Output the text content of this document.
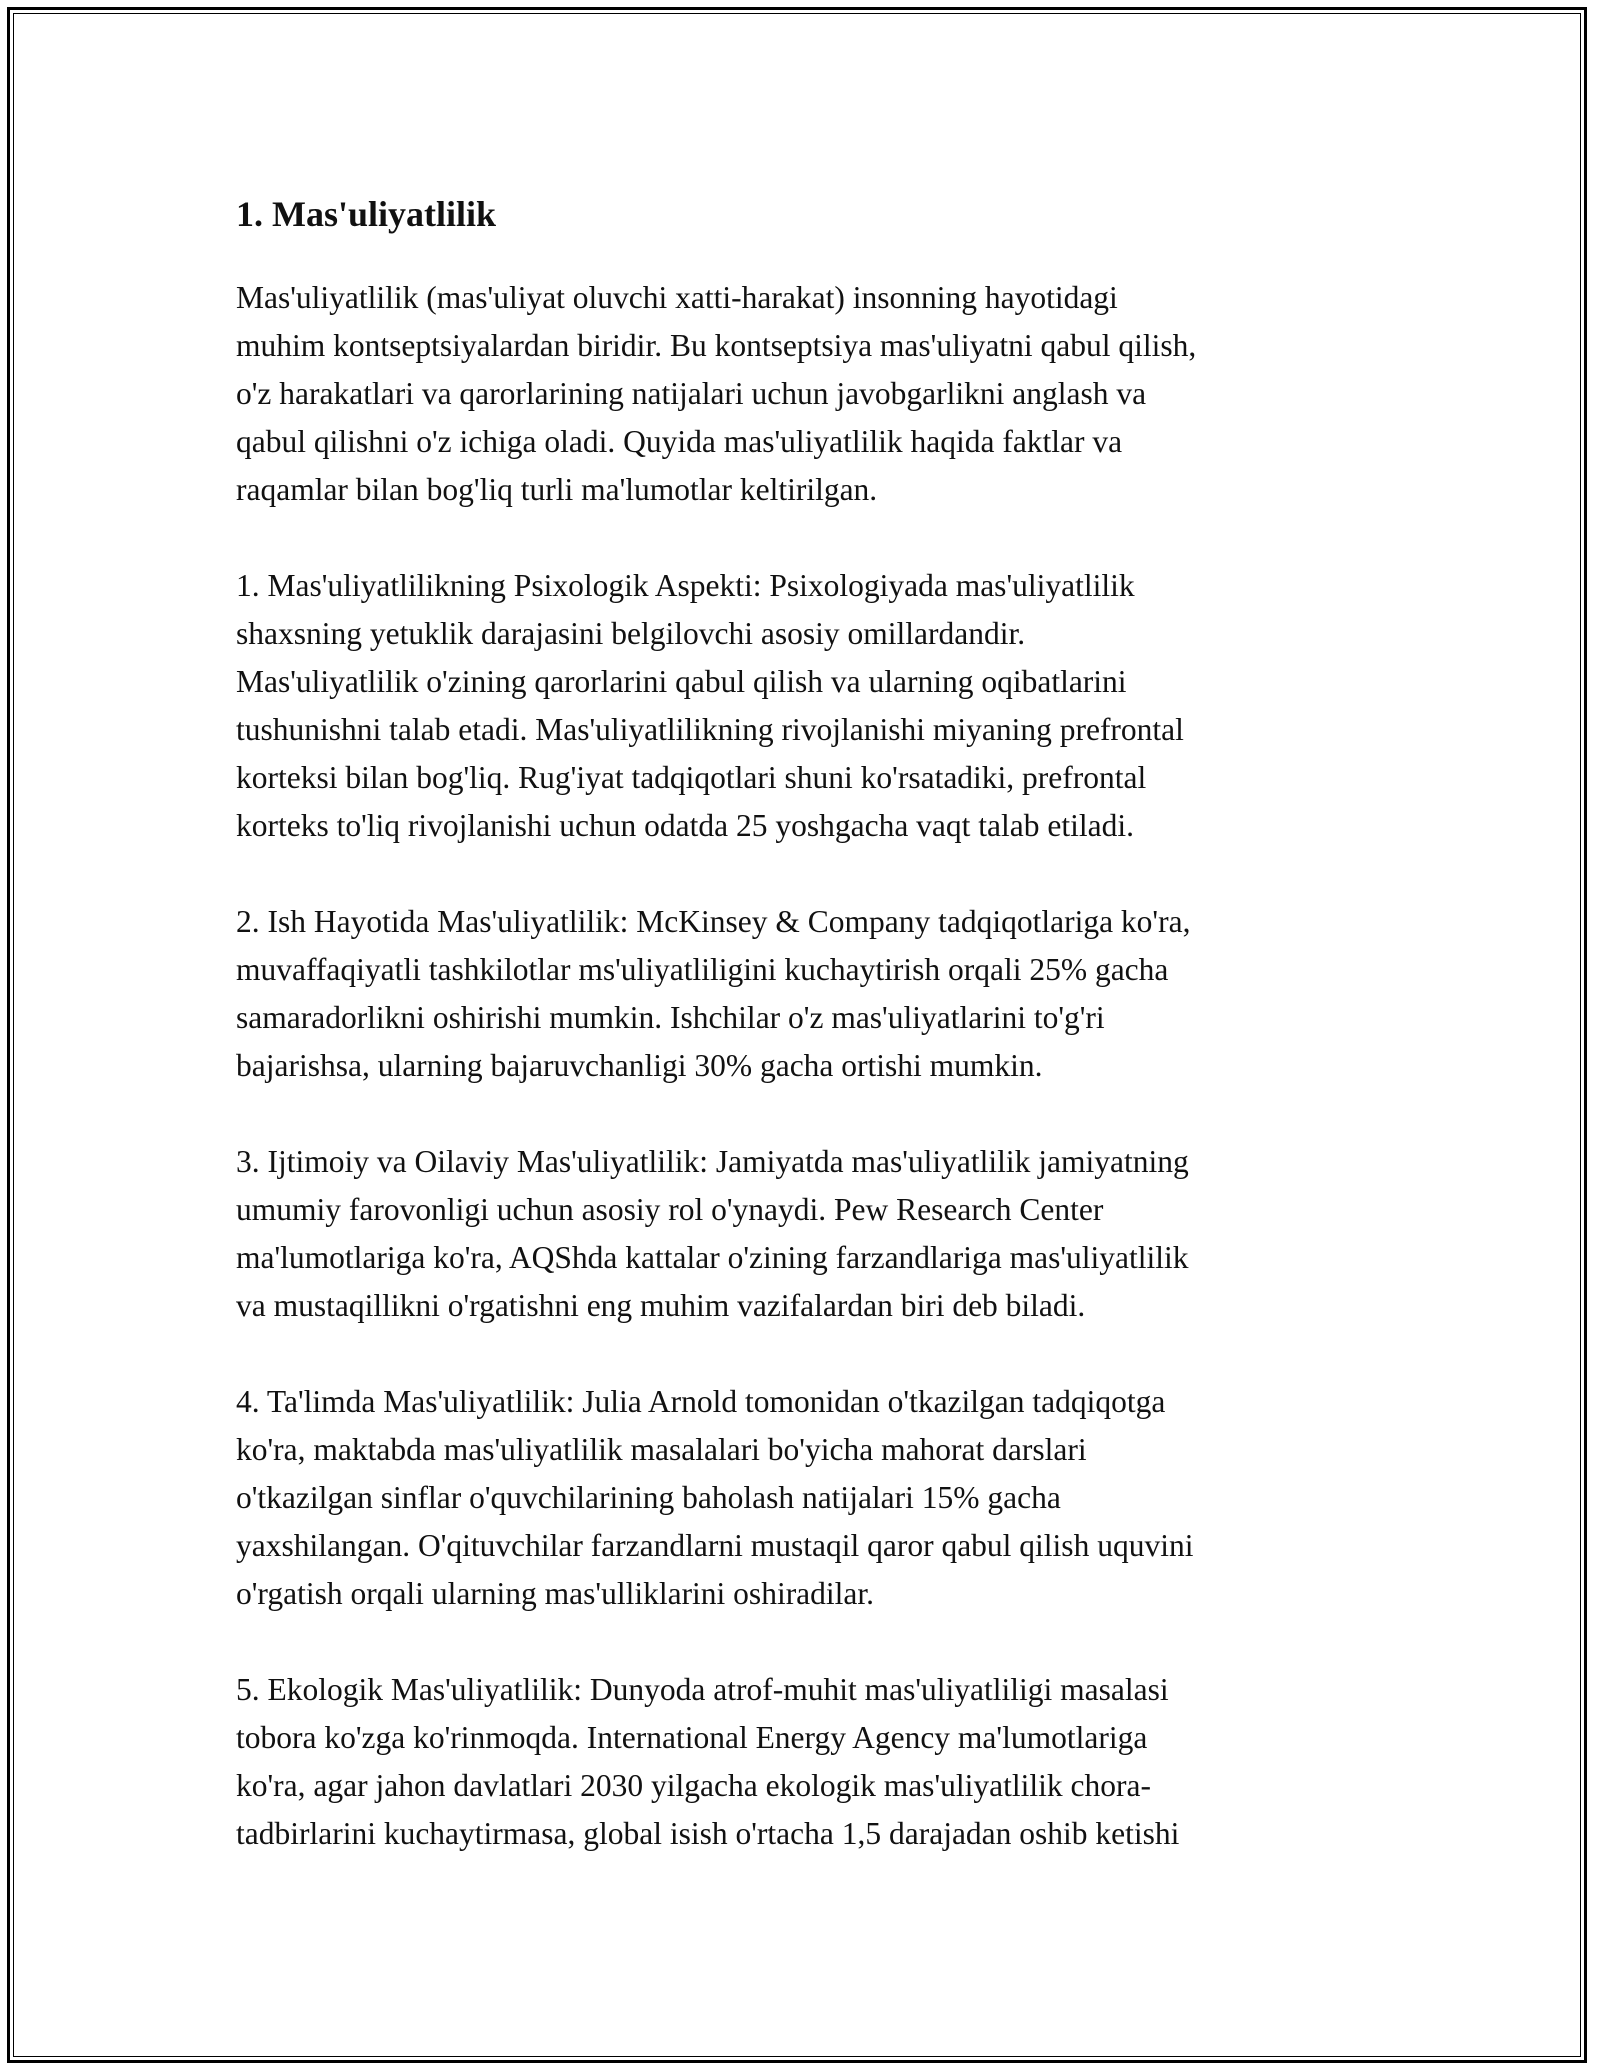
1. Mas'uliyatlilik

Mas'uliyatlilik (mas'uliyat oluvchi xatti-harakat) insonning hayotidagi
muhim kontseptsiyalardan biridir. Bu kontseptsiya mas'uliyatni qabul qilish,
o'z harakatlari va qarorlarining natijalari uchun javobgarlikni anglash va
qabul qilishni o'z ichiga oladi. Quyida mas'uliyatlilik haqida faktlar va
raqamlar bilan bog'liq turli ma'lumotlar keltirilgan.

1. Mas'uliyatlilikning Psixologik Aspekti: Psixologiyada mas'uliyatlilik
shaxsning yetuklik darajasini belgilovchi asosiy omillardandir.
Mas'uliyatlilik o'zining qarorlarini qabul qilish va ularning oqibatlarini
tushunishni talab etadi. Mas'uliyatlilikning rivojlanishi miyaning prefrontal
korteksi bilan bog'liq. Rug'iyat tadqiqotlari shuni ko'rsatadiki, prefrontal
korteks to'liq rivojlanishi uchun odatda 25 yoshgacha vaqt talab etiladi.

2. Ish Hayotida Mas'uliyatlilik: McKinsey & Company tadqiqotlariga ko'ra,
muvaffaqiyatli tashkilotlar ms'uliyatliligini kuchaytirish orqali 25% gacha
samaradorlikni oshirishi mumkin. Ishchilar o'z mas'uliyatlarini to'g'ri
bajarishsa, ularning bajaruvchanligi 30% gacha ortishi mumkin.

3. Ijtimoiy va Oilaviy Mas'uliyatlilik: Jamiyatda mas'uliyatlilik jamiyatning
umumiy farovonligi uchun asosiy rol o'ynaydi. Pew Research Center
ma'lumotlariga ko'ra, AQShda kattalar o'zining farzandlariga mas'uliyatlilik
va mustaqillikni o'rgatishni eng muhim vazifalardan biri deb biladi.

4. Ta'limda Mas'uliyatlilik: Julia Arnold tomonidan o'tkazilgan tadqiqotga
ko'ra, maktabda mas'uliyatlilik masalalari bo'yicha mahorat darslari
o'tkazilgan sinflar o'quvchilarining baholash natijalari 15% gacha
yaxshilangan. O'qituvchilar farzandlarni mustaqil qaror qabul qilish uquvini
o'rgatish orqali ularning mas'ulliklarini oshiradilar.

5. Ekologik Mas'uliyatlilik: Dunyoda atrof-muhit mas'uliyatliligi masalasi
tobora ko'zga ko'rinmoqda. International Energy Agency ma'lumotlariga
ko'ra, agar jahon davlatlari 2030 yilgacha ekologik mas'uliyatlilik chora-
tadbirlarini kuchaytirmasa, global isish o'rtacha 1,5 darajadan oshib ketishi
